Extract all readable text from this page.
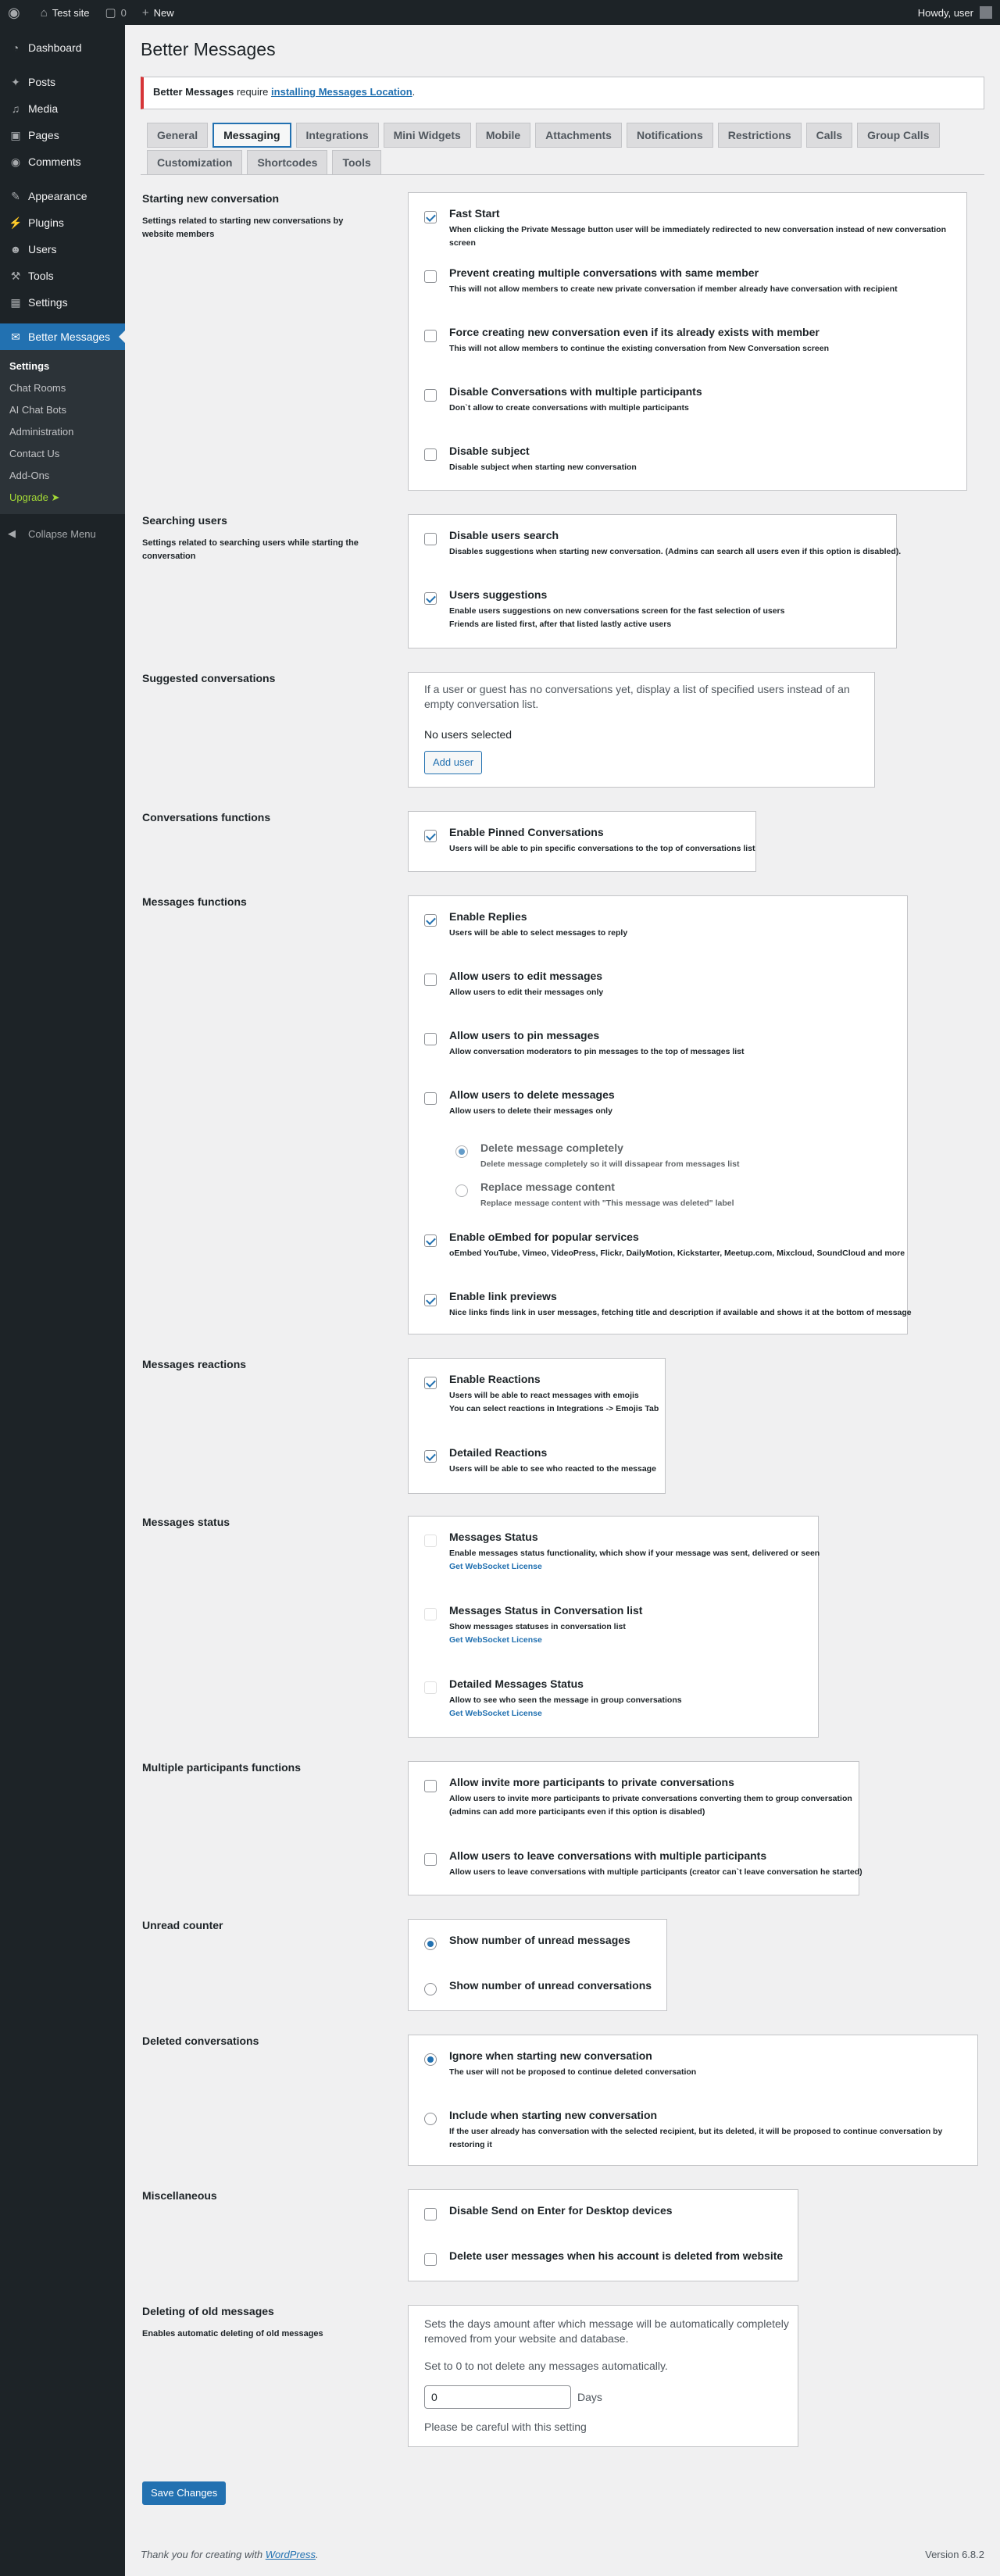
◉ ⌂ Test site ▢ 0 + New	Howdy, user
◔ Dashboard
✦ Posts
♫ Media
▣ Pages
◉ Comments
✎ Appearance
⚡ Plugins
☻ Users
⚒ Tools
▦ Settings
✉ Better Messages
Settings
Chat Rooms
AI Chat Bots
Administration
Contact Us
Add-Ons
Upgrade ➤
◀	Collapse Menu
Better Messages
Better Messages require installing Messages Location.
General	Messaging	Integrations	Mini Widgets	Mobile	Attachments	Notifications	Restrictions	Calls	Group Calls
Customization	Shortcodes	Tools
Starting new conversation
Settings related to starting new conversations by website members
Fast Start
When clicking the Private Message button user will be immediately redirected to new conversation instead of new conversation screen
Prevent creating multiple conversations with same member
This will not allow members to create new private conversation if member already have conversation with recipient
Force creating new conversation even if its already exists with member
This will not allow members to continue the existing conversation from New Conversation screen
Disable Conversations with multiple participants
Don`t allow to create conversations with multiple participants
Disable subject
Disable subject when starting new conversation
Searching users
Settings related to searching users while starting the conversation
Disable users search
Disables suggestions when starting new conversation. (Admins can search all users even if this option is disabled).
Users suggestions
Enable users suggestions on new conversations screen for the fast selection of users
Friends are listed first, after that listed lastly active users
Suggested conversations
If a user or guest has no conversations yet, display a list of specified users instead of an empty conversation list.
No users selected
Add user
Conversations functions
Enable Pinned Conversations
Users will be able to pin specific conversations to the top of conversations list
Messages functions
Enable Replies
Users will be able to select messages to reply
Allow users to edit messages
Allow users to edit their messages only
Allow users to pin messages
Allow conversation moderators to pin messages to the top of messages list
Allow users to delete messages
Allow users to delete their messages only
Delete message completely
Delete message completely so it will dissapear from messages list
Replace message content
Replace message content with "This message was deleted" label
Enable oEmbed for popular services
oEmbed YouTube, Vimeo, VideoPress, Flickr, DailyMotion, Kickstarter, Meetup.com, Mixcloud, SoundCloud and more
Enable link previews
Nice links finds link in user messages, fetching title and description if available and shows it at the bottom of message
Messages reactions
Enable Reactions
Users will be able to react messages with emojis
You can select reactions in Integrations -> Emojis Tab
Detailed Reactions
Users will be able to see who reacted to the message
Messages status
Messages Status
Enable messages status functionality, which show if your message was sent, delivered or seen
Get WebSocket License
Messages Status in Conversation list
Show messages statuses in conversation list
Get WebSocket License
Detailed Messages Status
Allow to see who seen the message in group conversations
Get WebSocket License
Multiple participants functions
Allow invite more participants to private conversations
Allow users to invite more participants to private conversations converting them to group conversation
(admins can add more participants even if this option is disabled)
Allow users to leave conversations with multiple participants
Allow users to leave conversations with multiple participants (creator can`t leave conversation he started)
Unread counter
Show number of unread messages
Show number of unread conversations
Deleted conversations
Ignore when starting new conversation
The user will not be proposed to continue deleted conversation
Include when starting new conversation
If the user already has conversation with the selected recipient, but its deleted, it will be proposed to continue conversation by restoring it
Miscellaneous
Disable Send on Enter for Desktop devices
Delete user messages when his account is deleted from website
Deleting of old messages
Enables automatic deleting of old messages
Sets the days amount after which message will be automatically completely removed from your website and database.
Set to 0 to not delete any messages automatically.
0	Days
Please be careful with this setting
Save Changes
Thank you for creating with WordPress.	Version 6.8.2
